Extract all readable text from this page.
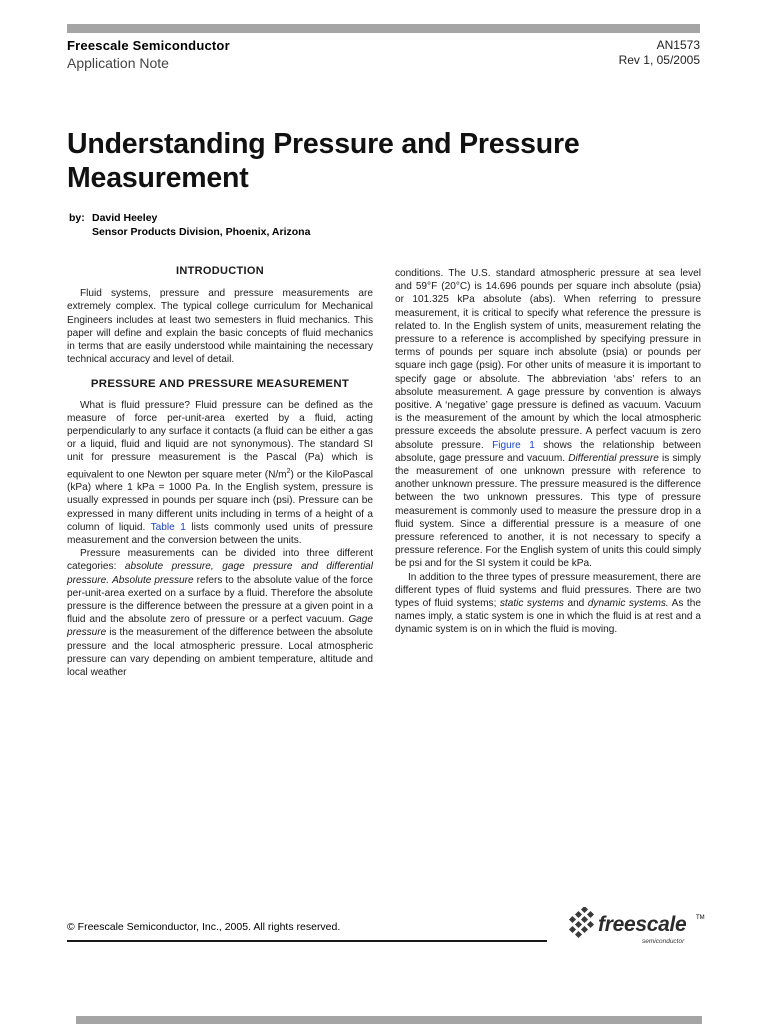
Freescale Semiconductor
Application Note
AN1573
Rev 1, 05/2005
Understanding Pressure and Pressure Measurement
by: David Heeley
Sensor Products Division, Phoenix, Arizona
INTRODUCTION

Fluid systems, pressure and pressure measurements are extremely complex. The typical college curriculum for Mechanical Engineers includes at least two semesters in fluid mechanics. This paper will define and explain the basic concepts of fluid mechanics in terms that are easily understood while maintaining the necessary technical accuracy and level of detail.

PRESSURE AND PRESSURE MEASUREMENT

What is fluid pressure? Fluid pressure can be defined as the measure of force per-unit-area exerted by a fluid, acting perpendicularly to any surface it contacts (a fluid can be either a gas or a liquid, fluid and liquid are not synonymous). The standard SI unit for pressure measurement is the Pascal (Pa) which is equivalent to one Newton per square meter $(N/m^2)$ or the KiloPascal (kPa) where 1 kPa = 1000 Pa. In the English system, pressure is usually expressed in pounds per square inch (psi). Pressure can be expressed in many different units including in terms of a height of a column of liquid. Table 1 lists commonly used units of pressure measurement and the conversion between the units.

Pressure measurements can be divided into three different categories: absolute pressure, gage pressure and differential pressure. Absolute pressure refers to the absolute value of the force per-unit-area exerted on a surface by a fluid. Therefore the absolute pressure is the difference between the pressure at a given point in a fluid and the absolute zero of pressure or a perfect vacuum. Gage pressure is the measurement of the difference between the absolute pressure and the local atmospheric pressure. Local atmospheric pressure can vary depending on ambient temperature, altitude and local weather

conditions. The U.S. standard atmospheric pressure at sea level and 59°F (20°C) is 14.696 pounds per square inch absolute (psia) or 101.325 kPa absolute (abs). When referring to pressure measurement, it is critical to specify what reference the pressure is related to. In the English system of units, measurement relating the pressure to a reference is accomplished by specifying pressure in terms of pounds per square inch absolute (psia) or pounds per square inch gage (psig). For other units of measure it is important to specify gage or absolute. The abbreviation ‘abs’ refers to an absolute measurement. A gage pressure by convention is always positive. A ‘negative’ gage pressure is defined as vacuum. Vacuum is the measurement of the amount by which the local atmospheric pressure exceeds the absolute pressure. A perfect vacuum is zero absolute pressure. Figure 1 shows the relationship between absolute, gage pressure and vacuum. Differential pressure is simply the measurement of one unknown pressure with reference to another unknown pressure. The pressure measured is the difference between the two unknown pressures. This type of pressure measurement is commonly used to measure the pressure drop in a fluid system. Since a differential pressure is a measure of one pressure referenced to another, it is not necessary to specify a pressure reference. For the English system of units this could simply be psi and for the SI system it could be kPa.

In addition to the three types of pressure measurement, there are different types of fluid systems and fluid pressures. There are two types of fluid systems; static systems and dynamic systems. As the names imply, a static system is one in which the fluid is at rest and a dynamic system is on in which the fluid is moving.

© Freescale Semiconductor, Inc., 2005. All rights reserved.	freescale TM
semiconductor
